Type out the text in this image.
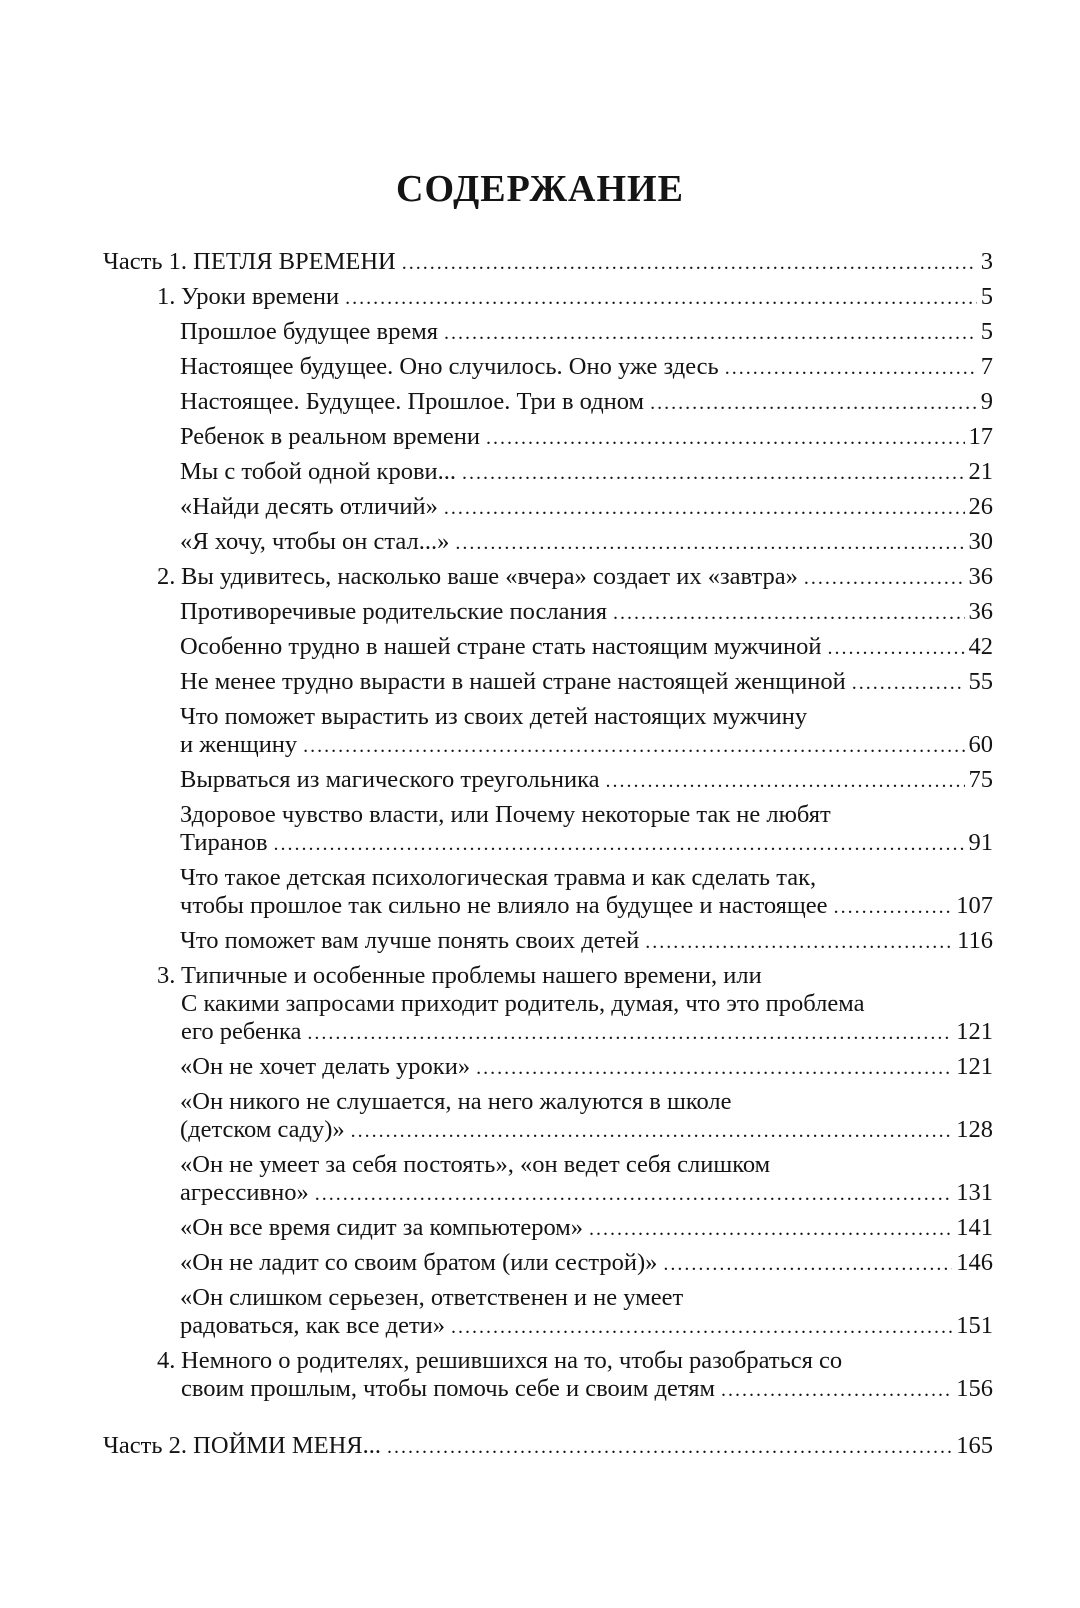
СОДЕРЖАНИЕ
Часть 1. ПЕТЛЯ ВРЕМЕНИ .....	3
1. Уроки времени .....	5
Прошлое будущее время .....	5
Настоящее будущее. Оно случилось. Оно уже здесь .....	7
Настоящее. Будущее. Прошлое. Три в одном .....	9
Ребенок в реальном времени .....	17
Мы с тобой одной крови... .....	21
«Найди десять отличий» .....	26
«Я хочу, чтобы он стал...» .....	30
2. Вы удивитесь, насколько ваше «вчера» создает их «завтра» .....	36
Противоречивые родительские послания .....	36
Особенно трудно в нашей стране стать настоящим мужчиной .....	42
Не менее трудно вырасти в нашей стране настоящей женщиной .....	55
Что поможет вырастить из своих детей настоящих мужчину
и женщину .....	60
Вырваться из магического треугольника .....	75
Здоровое чувство власти, или Почему некоторые так не любят
Тиранов .....	91
Что такое детская психологическая травма и как сделать так,
чтобы прошлое так сильно не влияло на будущее и настоящее .....	107
Что поможет вам лучше понять своих детей .....	116
3. Типичные и особенные проблемы нашего времени, или
С какими запросами приходит родитель, думая, что это проблема
его ребенка .....	121
«Он не хочет делать уроки» .....	121
«Он никого не слушается, на него жалуются в школе
(детском саду)» .....	128
«Он не умеет за себя постоять», «он ведет себя слишком
агрессивно» .....	131
«Он все время сидит за компьютером» .....	141
«Он не ладит со своим братом (или сестрой)» .....	146
«Он слишком серьезен, ответственен и не умеет
радоваться, как все дети» .....	151
4. Немного о родителях, решившихся на то, чтобы разобраться со
своим прошлым, чтобы помочь себе и своим детям .....	156
Часть 2. ПОЙМИ МЕНЯ... .....	165
